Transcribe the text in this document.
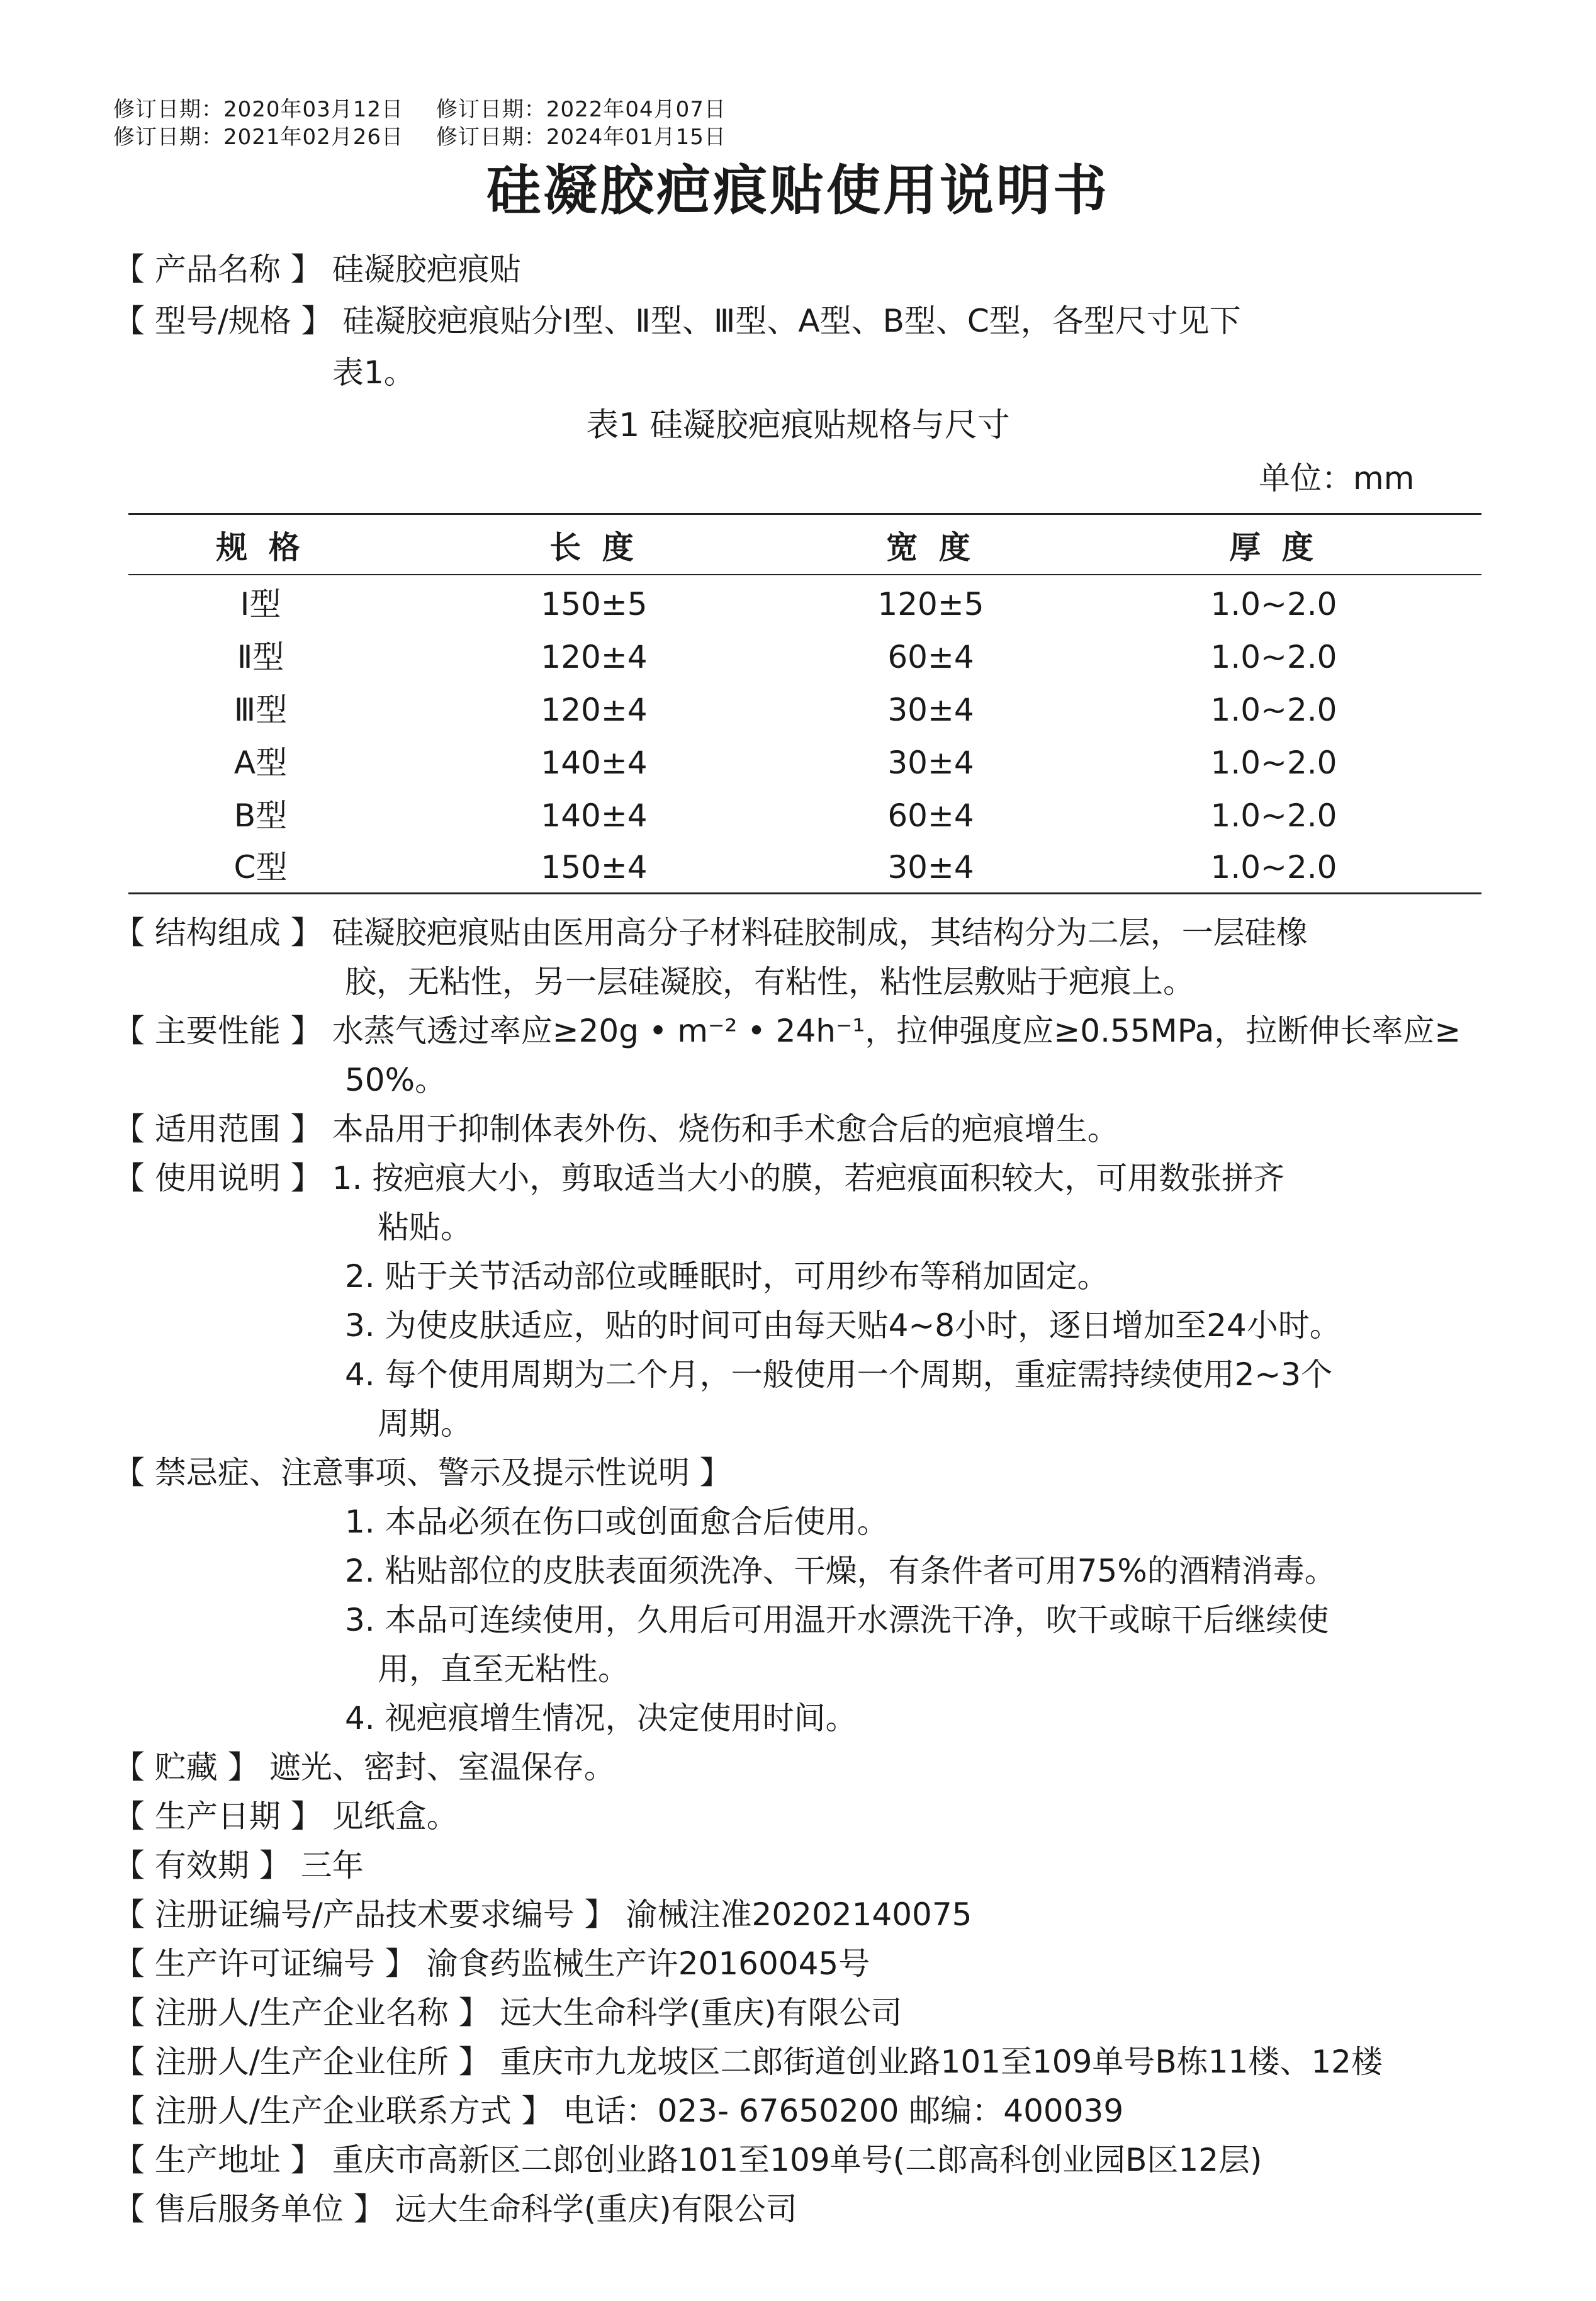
修订日期：2020年03月12日 修订日期：2022年04月07日
修订日期：2021年02月26日 修订日期：2024年01月15日
硅凝胶疤痕贴使用说明书
【 产品名称 】 硅凝胶疤痕贴
【 型号/规格 】 硅凝胶疤痕贴分Ⅰ型、Ⅱ型、Ⅲ型、A型、B型、C型，各型尺寸见下
表1。
表1 硅凝胶疤痕贴规格与尺寸
单位：mm
规 格	长 度	宽 度	厚 度
Ⅰ型	150±5	120±5	1.0~2.0
Ⅱ型	120±4	60±4	1.0~2.0
Ⅲ型	120±4	30±4	1.0~2.0
A型	140±4	30±4	1.0~2.0
B型	140±4	60±4	1.0~2.0
C型	150±4	30±4	1.0~2.0
【 结构组成 】 硅凝胶疤痕贴由医用高分子材料硅胶制成，其结构分为二层，一层硅橡
胶，无粘性，另一层硅凝胶，有粘性，粘性层敷贴于疤痕上。
【 主要性能 】 水蒸气透过率应≥20g • m⁻² • 24h⁻¹，拉伸强度应≥0.55MPa，拉断伸长率应≥
50%。
【 适用范围 】 本品用于抑制体表外伤、烧伤和手术愈合后的疤痕增生。
【 使用说明 】 1. 按疤痕大小，剪取适当大小的膜，若疤痕面积较大，可用数张拼齐
粘贴。
2. 贴于关节活动部位或睡眠时，可用纱布等稍加固定。
3. 为使皮肤适应，贴的时间可由每天贴4~8小时，逐日增加至24小时。
4. 每个使用周期为二个月，一般使用一个周期，重症需持续使用2~3个
周期。
【 禁忌症、注意事项、警示及提示性说明 】
1. 本品必须在伤口或创面愈合后使用。
2. 粘贴部位的皮肤表面须洗净、干燥，有条件者可用75%的酒精消毒。
3. 本品可连续使用，久用后可用温开水漂洗干净，吹干或晾干后继续使
用，直至无粘性。
4. 视疤痕增生情况，决定使用时间。
【 贮藏 】 遮光、密封、室温保存。
【 生产日期 】 见纸盒。
【 有效期 】 三年
【 注册证编号/产品技术要求编号 】 渝械注准20202140075
【 生产许可证编号 】 渝食药监械生产许20160045号
【 注册人/生产企业名称 】 远大生命科学(重庆)有限公司
【 注册人/生产企业住所 】 重庆市九龙坡区二郎街道创业路101至109单号B栋11楼、12楼
【 注册人/生产企业联系方式 】 电话：023- 67650200 邮编：400039
【 生产地址 】 重庆市高新区二郎创业路101至109单号(二郎高科创业园B区12层)
【 售后服务单位 】 远大生命科学(重庆)有限公司
